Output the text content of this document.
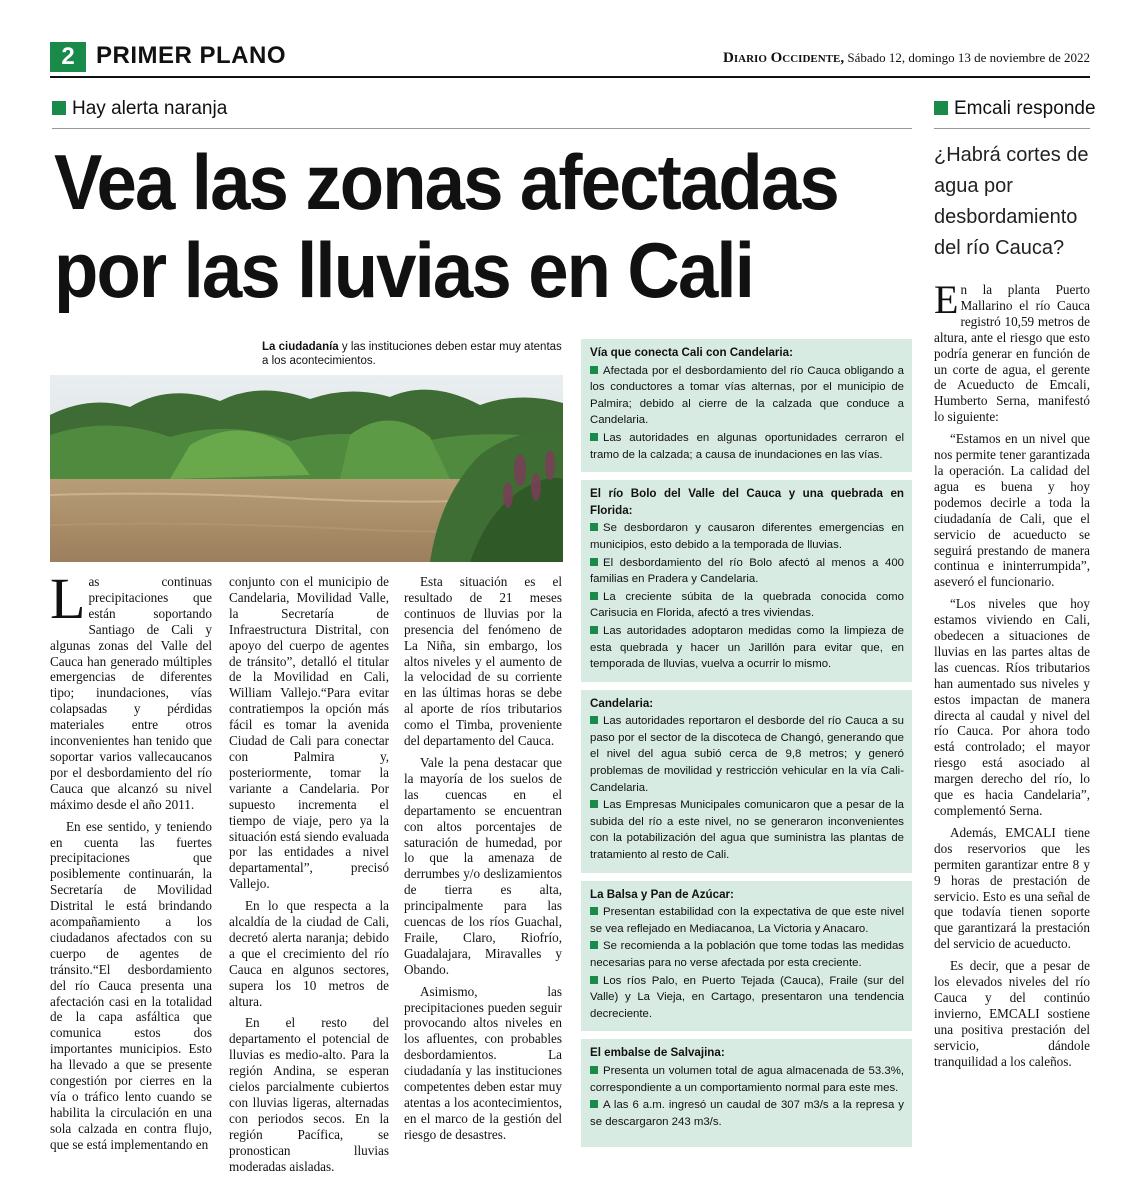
2 PRIMER PLANO	Diario Occidente, Sábado 12, domingo 13 de noviembre de 2022
Hay alerta naranja	Emcali responde
Vea las zonas afectadas
por las lluvias en Cali
La ciudadanía y las instituciones deben estar muy atentas a los acontecimientos.

Las continuas precipitaciones que están soportando Santiago de Cali y algunas zonas del Valle del Cauca han generado múltiples emergencias de diferentes tipo; inundaciones, vías colapsadas y pérdidas materiales entre otros inconvenientes han tenido que soportar varios vallecaucanos por el desbordamiento del río Cauca que alcanzó su nivel máximo desde el año 2011.

En ese sentido, y teniendo en cuenta las fuertes precipitaciones que posiblemente continuarán, la Secretaría de Movilidad Distrital le está brindando acompañamiento a los ciudadanos afectados con su cuerpo de agentes de tránsito.“El desbordamiento del río Cauca presenta una afectación casi en la totalidad de la capa asfáltica que comunica estos dos importantes municipios. Esto ha llevado a que se presente congestión por cierres en la vía o tráfico lento cuando se habilita la circulación en una sola calzada en contra flujo, que se está implementando en

conjunto con el municipio de Candelaria, Movilidad Valle, la Secretaría de Infraestructura Distrital, con apoyo del cuerpo de agentes de tránsito”, detalló el titular de la Movilidad en Cali, William Vallejo.“Para evitar contratiempos la opción más fácil es tomar la avenida Ciudad de Cali para conectar con Palmira y, posteriormente, tomar la variante a Candelaria. Por supuesto incrementa el tiempo de viaje, pero ya la situación está siendo evaluada por las entidades a nivel departamental”, precisó Vallejo.

En lo que respecta a la alcaldía de la ciudad de Cali, decretó alerta naranja; debido a que el crecimiento del río Cauca en algunos sectores, supera los 10 metros de altura.

En el resto del departamento el potencial de lluvias es medio-alto. Para la región Andina, se esperan cielos parcialmente cubiertos con lluvias ligeras, alternadas con periodos secos. En la región Pacífica, se pronostican lluvias moderadas aisladas.

Esta situación es el resultado de 21 meses continuos de lluvias por la presencia del fenómeno de La Niña, sin embargo, los altos niveles y el aumento de la velocidad de su corriente en las últimas horas se debe al aporte de ríos tributarios como el Timba, proveniente del departamento del Cauca.

Vale la pena destacar que la mayoría de los suelos de las cuencas en el departamento se encuentran con altos porcentajes de saturación de humedad, por lo que la amenaza de derrumbes y/o deslizamientos de tierra es alta, principalmente para las cuencas de los ríos Guachal, Fraile, Claro, Riofrío, Guadalajara, Miravalles y Obando.

Asimismo, las precipitaciones pueden seguir provocando altos niveles en los afluentes, con probables desbordamientos. La ciudadanía y las instituciones competentes deben estar muy atentas a los acontecimientos, en el marco de la gestión del riesgo de desastres.

Vía que conecta Cali con Candelaria:

Afectada por el desbordamiento del río Cauca obligando a los conductores a tomar vías alternas, por el municipio de Palmira; debido al cierre de la calzada que conduce a Candelaria.

Las autoridades en algunas oportunidades cerraron el tramo de la calzada; a causa de inundaciones en las vías.

El río Bolo del Valle del Cauca y una quebrada en Florida:

Se desbordaron y causaron diferentes emergencias en municipios, esto debido a la temporada de lluvias.

El desbordamiento del río Bolo afectó al menos a 400 familias en Pradera y Candelaria.

La creciente súbita de la quebrada conocida como Carisucia en Florida, afectó a tres viviendas.

Las autoridades adoptaron medidas como la limpieza de esta quebrada y hacer un Jarillón para evitar que, en temporada de lluvias, vuelva a ocurrir lo mismo.

Candelaria:

Las autoridades reportaron el desborde del río Cauca a su paso por el sector de la discoteca de Changó, generando que el nivel del agua subió cerca de 9,8 metros; y generó problemas de movilidad y restricción vehicular en la vía Cali-Candelaria.

Las Empresas Municipales comunicaron que a pesar de la subida del río a este nivel, no se generaron inconvenientes con la potabilización del agua que suministra las plantas de tratamiento al resto de Cali.

La Balsa y Pan de Azúcar:

Presentan estabilidad con la expectativa de que este nivel se vea reflejado en Mediacanoa, La Victoria y Anacaro.

Se recomienda a la población que tome todas las medidas necesarias para no verse afectada por esta creciente.

Los ríos Palo, en Puerto Tejada (Cauca), Fraile (sur del Valle) y La Vieja, en Cartago, presentaron una tendencia decreciente.

El embalse de Salvajina:

Presenta un volumen total de agua almacenada de 53.3%, correspondiente a un comportamiento normal para este mes.

A las 6 a.m. ingresó un caudal de 307 m3/s a la represa y se descargaron 243 m3/s.

¿Habrá cortes de agua por desbordamiento del río Cauca?

En la planta Puerto Mallarino el río Cauca registró 10,59 metros de altura, ante el riesgo que esto podría generar en función de un corte de agua, el gerente de Acueducto de Emcali, Humberto Serna, manifestó lo siguiente:

“Estamos en un nivel que nos permite tener garantizada la operación. La calidad del agua es buena y hoy podemos decirle a toda la ciudadanía de Cali, que el servicio de acueducto se seguirá prestando de manera continua e ininterrumpida”, aseveró el funcionario.

“Los niveles que hoy estamos viviendo en Cali, obedecen a situaciones de lluvias en las partes altas de las cuencas. Ríos tributarios han aumentado sus niveles y estos impactan de manera directa al caudal y nivel del río Cauca. Por ahora todo está controlado; el mayor riesgo está asociado al margen derecho del río, lo que es hacia Candelaria”, complementó Serna.

Además, EMCALI tiene dos reservorios que les permiten garantizar entre 8 y 9 horas de prestación de servicio. Esto es una señal de que todavía tienen soporte que garantizará la prestación del servicio de acueducto.

Es decir, que a pesar de los elevados niveles del río Cauca y del continúo invierno, EMCALI sostiene una positiva prestación del servicio, dándole tranquilidad a los caleños.
